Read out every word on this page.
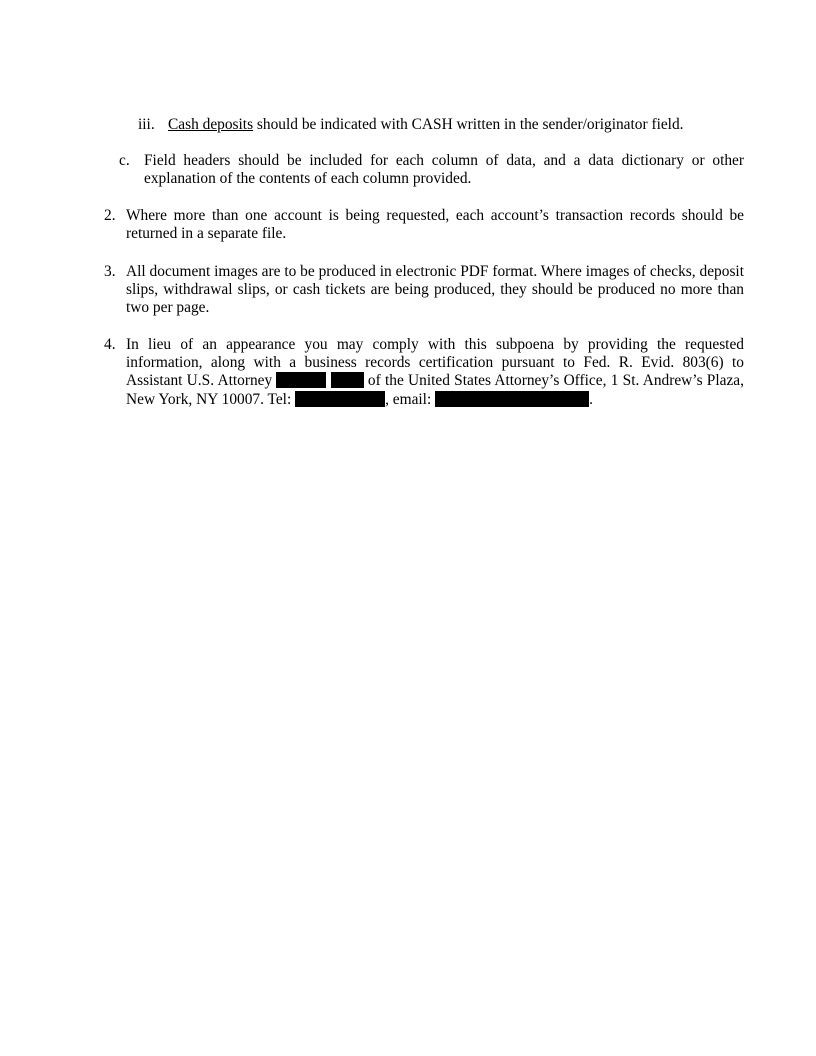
iii. Cash deposits should be indicated with CASH written in the sender/originator field.
c. Field headers should be included for each column of data, and a data dictionary or other explanation of the contents of each column provided.
2. Where more than one account is being requested, each account’s transaction records should be returned in a separate file.
3. All document images are to be produced in electronic PDF format. Where images of checks, deposit slips, withdrawal slips, or cash tickets are being produced, they should be produced no more than two per page.
4. In lieu of an appearance you may comply with this subpoena by providing the requested information, along with a business records certification pursuant to Fed. R. Evid. 803(6) to Assistant U.S. Attorney	of the United States Attorney’s Office, 1 St. Andrew’s Plaza, New York, NY 10007. Tel:	, email:	.
